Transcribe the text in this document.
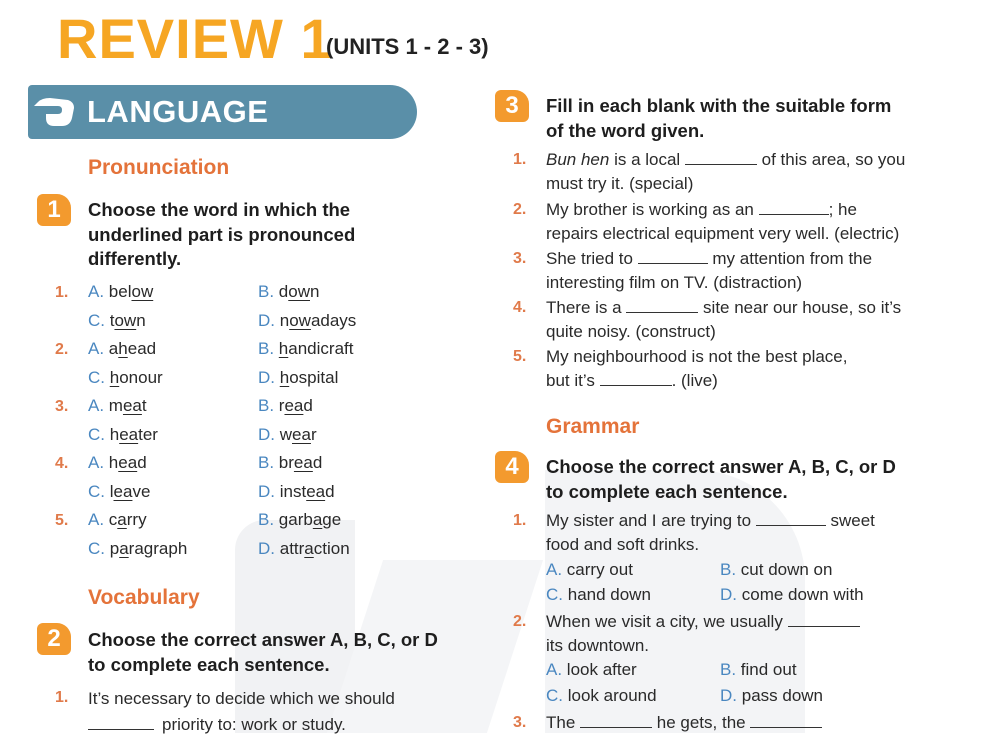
REVIEW 1
(UNITS 1 - 2 - 3)
LANGUAGE
Pronunciation
1	Choose the word in which the
underlined part is pronounced
differently.
1. A. below	B. down
C. town	D. nowadays
2. A. ahead	B. handicraft
C. honour	D. hospital
3. A. meat	B. read
C. heater	D. wear
4. A. head	B. bread
C. leave	D. instead
5. A. carry	B. garbage
C. paragraph	D. attraction
Vocabulary
2	Choose the correct answer A, B, C, or D
to complete each sentence.
1. It’s necessary to decide which we should
priority to: work or study.
3	Fill in each blank with the suitable form
of the word given.
1. Bun hen is a local	of this area, so you
must try it. (special)
2. My brother is working as an	; he
repairs electrical equipment very well. (electric)
3. She tried to	my attention from the
interesting film on TV. (distraction)
4. There is a	site near our house, so it’s
quite noisy. (construct)
5. My neighbourhood is not the best place,
but it’s	. (live)
Grammar
4	Choose the correct answer A, B, C, or D
to complete each sentence.
1. My sister and I are trying to	sweet
food and soft drinks.
A. carry out	B. cut down on
C. hand down	D. come down with
2. When we visit a city, we usually
its downtown.
A. look after	B. find out
C. look around	D. pass down
3. The	he gets, the
